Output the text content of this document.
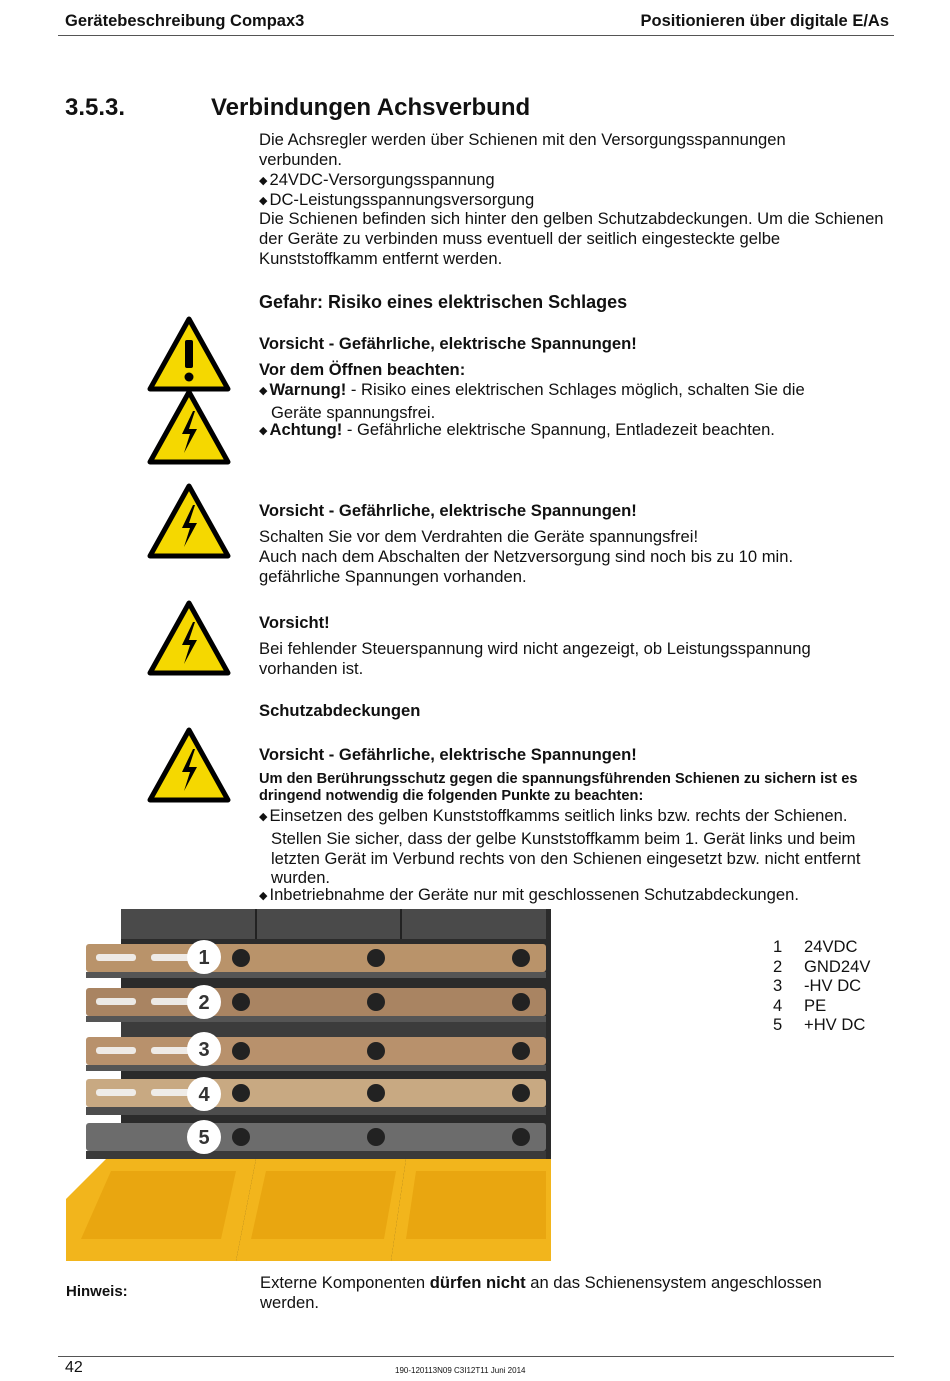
Gerätebeschreibung Compax3	Positionieren über digitale E/As
3.5.3.	Verbindungen Achsverbund
Die Achsregler werden über Schienen mit den Versorgungsspannungen verbunden.
◆ 24VDC-Versorgungsspannung
◆ DC-Leistungsspannungsversorgung
Die Schienen befinden sich hinter den gelben Schutzabdeckungen. Um die Schienen der Geräte zu verbinden muss eventuell der seitlich eingesteckte gelbe Kunststoffkamm entfernt werden.
Gefahr: Risiko eines elektrischen Schlages
Vorsicht - Gefährliche, elektrische Spannungen!
Vor dem Öffnen beachten:
◆ Warnung! - Risiko eines elektrischen Schlages möglich, schalten Sie die Geräte spannungsfrei.
◆ Achtung! - Gefährliche elektrische Spannung, Entladezeit beachten.
Vorsicht - Gefährliche, elektrische Spannungen!
Schalten Sie vor dem Verdrahten die Geräte spannungsfrei!
Auch nach dem Abschalten der Netzversorgung sind noch bis zu 10 min. gefährliche Spannungen vorhanden.
Vorsicht!
Bei fehlender Steuerspannung wird nicht angezeigt, ob Leistungsspannung vorhanden ist.
Schutzabdeckungen
Vorsicht - Gefährliche, elektrische Spannungen!
Um den Berührungsschutz gegen die spannungsführenden Schienen zu sichern ist es dringend notwendig die folgenden Punkte zu beachten:
◆ Einsetzen des gelben Kunststoffkamms seitlich links bzw. rechts der Schienen. Stellen Sie sicher, dass der gelbe Kunststoffkamm beim 1. Gerät links und beim letzten Gerät im Verbund rechts von den Schienen eingesetzt bzw. nicht entfernt wurden.
◆ Inbetriebnahme der Geräte nur mit geschlossenen Schutzabdeckungen.
1
2
3
4
5
1 24VDC
2 GND24V
3 -HV DC
4 PE
5 +HV DC
Hinweis:	Externe Komponenten dürfen nicht an das Schienensystem angeschlossen werden.
42	190-120113N09 C3I12T11 Juni 2014
